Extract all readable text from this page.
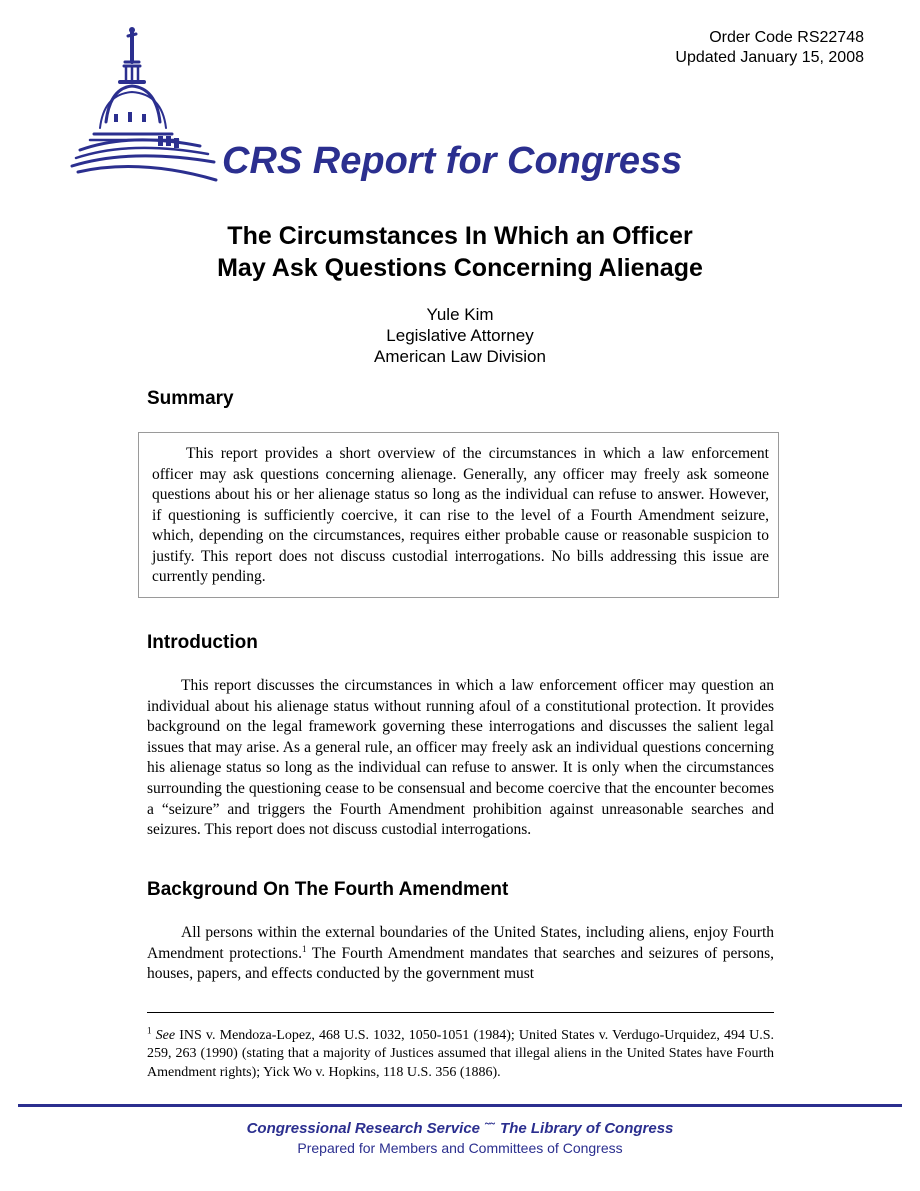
Order Code RS22748
Updated January 15, 2008
CRS Report for Congress
The Circumstances In Which an Officer
May Ask Questions Concerning Alienage
Yule Kim
Legislative Attorney
American Law Division
Summary
This report provides a short overview of the circumstances in which a law enforcement officer may ask questions concerning alienage. Generally, any officer may freely ask someone questions about his or her alienage status so long as the individual can refuse to answer. However, if questioning is sufficiently coercive, it can rise to the level of a Fourth Amendment seizure, which, depending on the circumstances, requires either probable cause or reasonable suspicion to justify. This report does not discuss custodial interrogations. No bills addressing this issue are currently pending.
Introduction
This report discusses the circumstances in which a law enforcement officer may question an individual about his alienage status without running afoul of a constitutional protection. It provides background on the legal framework governing these interrogations and discusses the salient legal issues that may arise. As a general rule, an officer may freely ask an individual questions concerning his alienage status so long as the individual can refuse to answer. It is only when the circumstances surrounding the questioning cease to be consensual and become coercive that the encounter becomes a “seizure” and triggers the Fourth Amendment prohibition against unreasonable searches and seizures. This report does not discuss custodial interrogations.
Background On The Fourth Amendment
All persons within the external boundaries of the United States, including aliens, enjoy Fourth Amendment protections.$^1$ The Fourth Amendment mandates that searches and seizures of persons, houses, papers, and effects conducted by the government must
$^1$ See INS v. Mendoza-Lopez, 468 U.S. 1032, 1050-1051 (1984); United States v. Verdugo-Urquidez, 494 U.S. 259, 263 (1990) (stating that a majority of Justices assumed that illegal aliens in the United States have Fourth Amendment rights); Yick Wo v. Hopkins, 118 U.S. 356 (1886).
Congressional Research Service ˜˜ The Library of Congress
Prepared for Members and Committees of Congress
